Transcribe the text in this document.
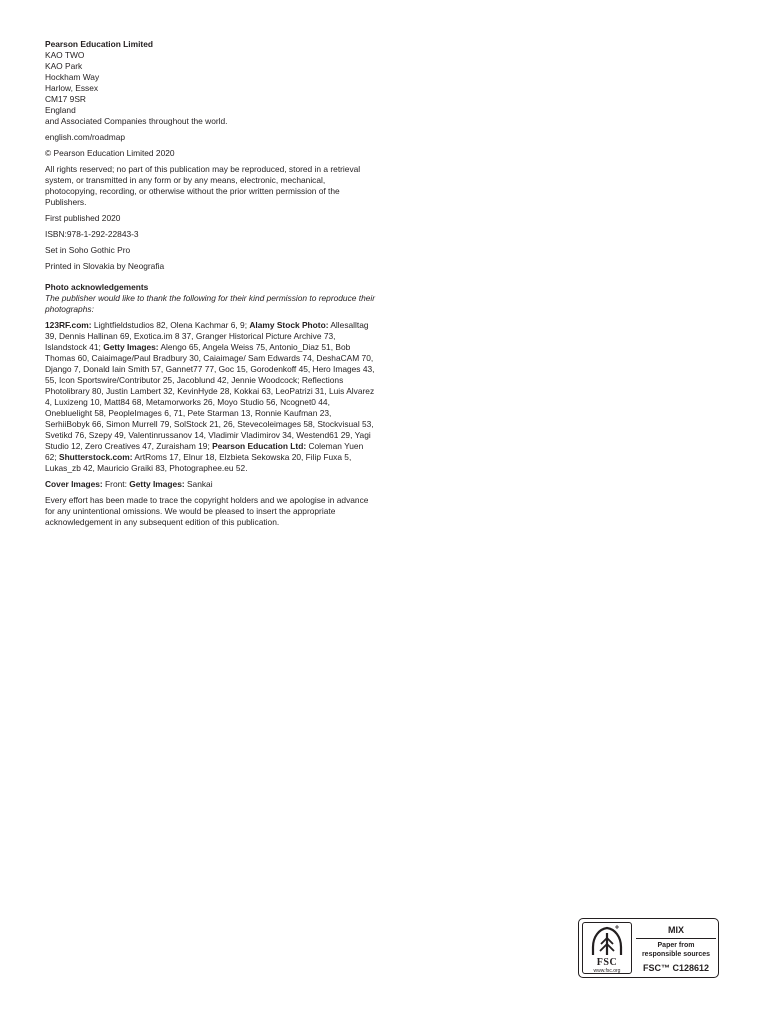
Pearson Education Limited

KAO TWO

KAO Park

Hockham Way

Harlow, Essex

CM17 9SR

England

and Associated Companies throughout the world.

english.com/roadmap

© Pearson Education Limited 2020

All rights reserved; no part of this publication may be reproduced, stored in a retrieval system, or transmitted in any form or by any means, electronic, mechanical, photocopying, recording, or otherwise without the prior written permission of the Publishers.

First published 2020

ISBN:978-1-292-22843-3

Set in Soho Gothic Pro

Printed in Slovakia by Neografia

Photo acknowledgements

The publisher would like to thank the following for their kind permission to reproduce their photographs:

123RF.com: Lightfieldstudios 82, Olena Kachmar 6, 9; Alamy Stock Photo: Allesalltag 39, Dennis Hallinan 69, Exotica.im 8 37, Granger Historical Picture Archive 73, Islandstock 41; Getty Images: Alengo 65, Angela Weiss 75, Antonio_Diaz 51, Bob Thomas 60, Caiaimage/Paul Bradbury 30, Caiaimage/ Sam Edwards 74, DeshaCAM 70, Django 7, Donald Iain Smith 57, Gannet77 77, Goc 15, Gorodenkoff 45, Hero Images 43, 55, Icon Sportswire/Contributor 25, Jacoblund 42, Jennie Woodcock; Reflections Photolibrary 80, Justin Lambert 32, KevinHyde 28, Kokkai 63, LeoPatrizi 31, Luis Alvarez 4, Luxizeng 10, Matt84 68, Metamorworks 26, Moyo Studio 56, Ncognet0 44, Onebluelight 58, PeopleImages 6, 71, Pete Starman 13, Ronnie Kaufman 23, SerhiiBobyk 66, Simon Murrell 79, SolStock 21, 26, Stevecoleimages 58, Stockvisual 53, Svetikd 76, Szepy 49, Valentinrussanov 14, Vladimir Vladimirov 34, Westend61 29, Yagi Studio 12, Zero Creatives 47, Zuraisham 19; Pearson Education Ltd: Coleman Yuen 62; Shutterstock.com: ArtRoms 17, Elnur 18, Elzbieta Sekowska 20, Filip Fuxa 5, Lukas_zb 42, Mauricio Graiki 83, Photographee.eu 52.

Cover Images: Front: Getty Images: Sankai

Every effort has been made to trace the copyright holders and we apologise in advance for any unintentional omissions. We would be pleased to insert the appropriate acknowledgement in any subsequent edition of this publication.

FSC
www.fsc.org
MIX
Paper from
responsible sources
FSC™ C128612
